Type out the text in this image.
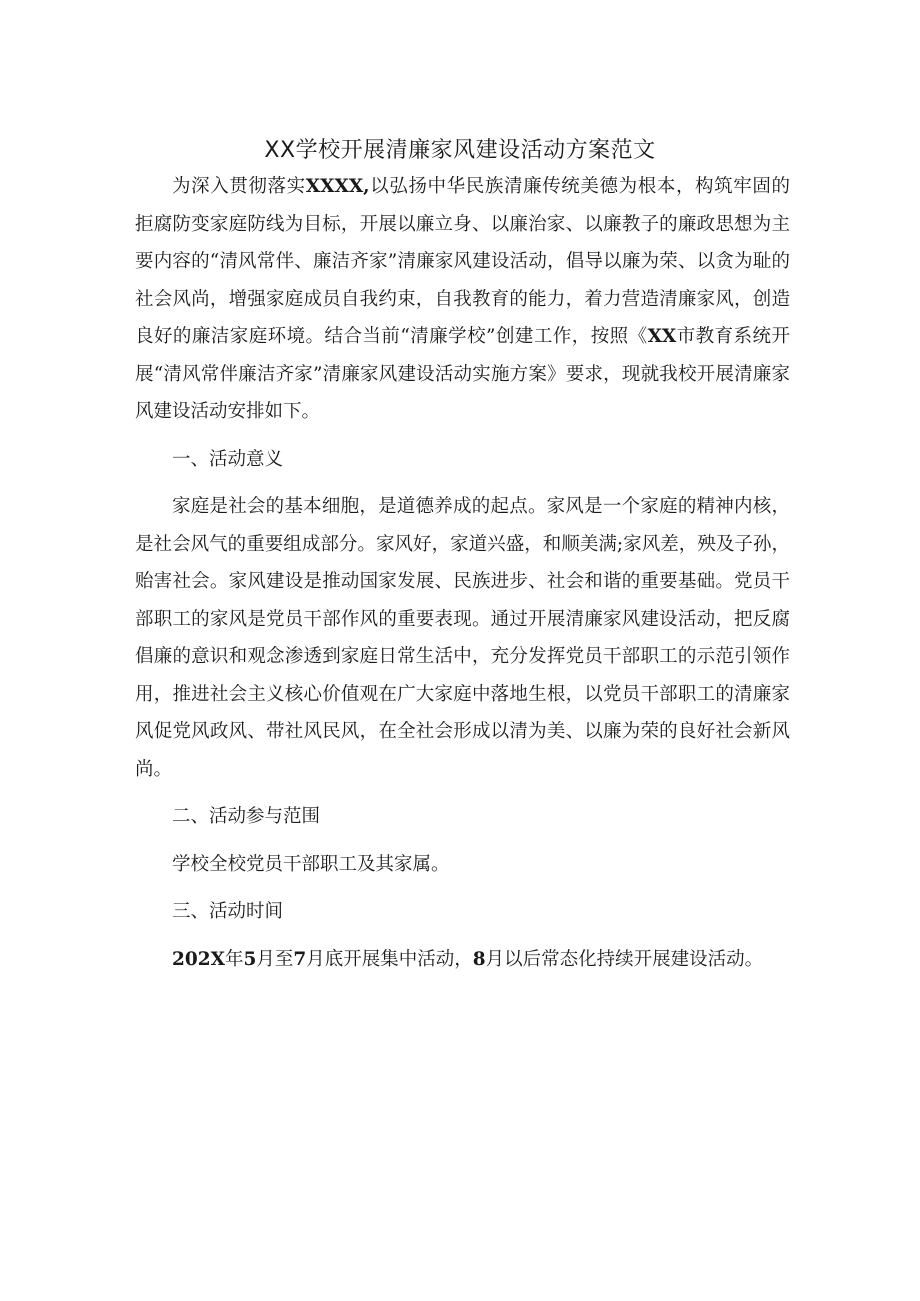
XX学校开展清廉家风建设活动方案范文

为深入贯彻落实XXXX,以弘扬中华民族清廉传统美德为根本，构筑牢固的拒腐防变家庭防线为目标，开展以廉立身、以廉治家、以廉教子的廉政思想为主要内容的“清风常伴、廉洁齐家”清廉家风建设活动，倡导以廉为荣、以贪为耻的社会风尚，增强家庭成员自我约束，自我教育的能力，着力营造清廉家风，创造良好的廉洁家庭环境。结合当前“清廉学校”创建工作，按照《XX市教育系统开展“清风常伴廉洁齐家”清廉家风建设活动实施方案》要求，现就我校开展清廉家风建设活动安排如下。

一、活动意义

家庭是社会的基本细胞，是道德养成的起点。家风是一个家庭的精神内核，是社会风气的重要组成部分。家风好，家道兴盛，和顺美满;家风差，殃及子孙，贻害社会。家风建设是推动国家发展、民族进步、社会和谐的重要基础。党员干部职工的家风是党员干部作风的重要表现。通过开展清廉家风建设活动，把反腐倡廉的意识和观念渗透到家庭日常生活中，充分发挥党员干部职工的示范引领作用，推进社会主义核心价值观在广大家庭中落地生根，以党员干部职工的清廉家风促党风政风、带社风民风，在全社会形成以清为美、以廉为荣的良好社会新风尚。

二、活动参与范围

学校全校党员干部职工及其家属。

三、活动时间

202X年5月至7月底开展集中活动，8月以后常态化持续开展建设活动。
